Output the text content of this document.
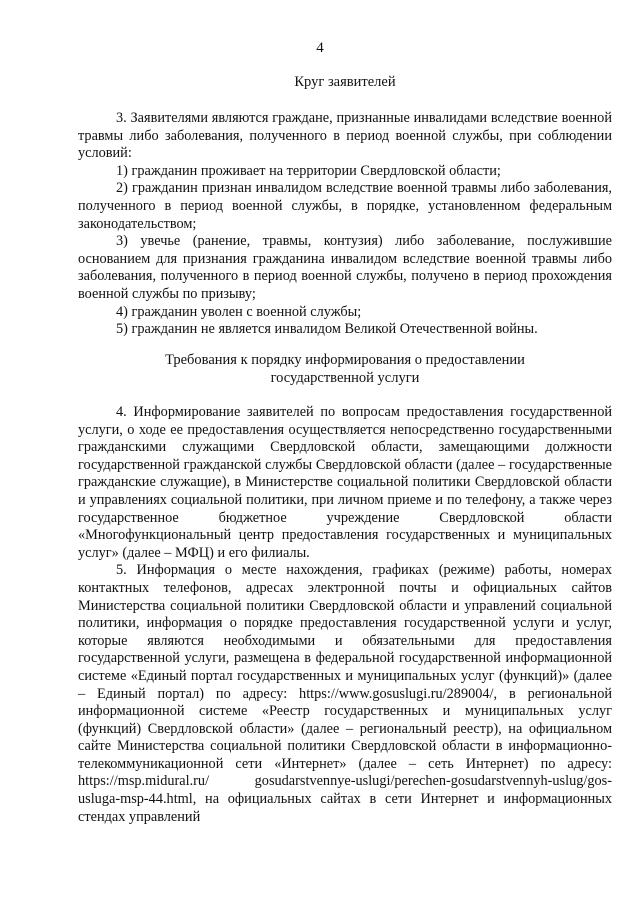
4
Круг заявителей

3. Заявителями являются граждане, признанные инвалидами вследствие военной травмы либо заболевания, полученного в период военной службы, при соблюдении условий:

1) гражданин проживает на территории Свердловской области;

2) гражданин признан инвалидом вследствие военной травмы либо заболевания, полученного в период военной службы, в порядке, установленном федеральным законодательством;

3) увечье (ранение, травмы, контузия) либо заболевание, послужившие основанием для признания гражданина инвалидом вследствие военной травмы либо заболевания, полученного в период военной службы, получено в период прохождения военной службы по призыву;

4) гражданин уволен с военной службы;

5) гражданин не является инвалидом Великой Отечественной войны.

Требования к порядку информирования о предоставлении
государственной услуги

4. Информирование заявителей по вопросам предоставления государственной услуги, о ходе ее предоставления осуществляется непосредственно государственными гражданскими служащими Свердловской области, замещающими должности государственной гражданской службы Свердловской области (далее – государственные гражданские служащие), в Министерстве социальной политики Свердловской области и управлениях социальной политики, при личном приеме и по телефону, а также через государственное бюджетное учреждение Свердловской области «Многофункциональный центр предоставления государственных и муниципальных услуг» (далее – МФЦ) и его филиалы.

5. Информация о месте нахождения, графиках (режиме) работы, номерах контактных телефонов, адресах электронной почты и официальных сайтов Министерства социальной политики Свердловской области и управлений социальной политики, информация о порядке предоставления государственной услуги и услуг, которые являются необходимыми и обязательными для предоставления государственной услуги, размещена в федеральной государственной информационной системе «Единый портал государственных и муниципальных услуг (функций)» (далее – Единый портал) по адресу: https://www.gosuslugi.ru/289004/, в региональной информационной системе «Реестр государственных и муниципальных услуг (функций) Свердловской области» (далее – региональный реестр), на официальном сайте Министерства социальной политики Свердловской области в информационно-телекоммуникационной сети «Интернет» (далее – сеть Интернет) по адресу: https://msp.midural.ru/ gosudarstvennye-uslugi/perechen-gosudarstvennyh-uslug/gos-usluga-msp-44.html, на официальных сайтах в сети Интернет и информационных стендах управлений
